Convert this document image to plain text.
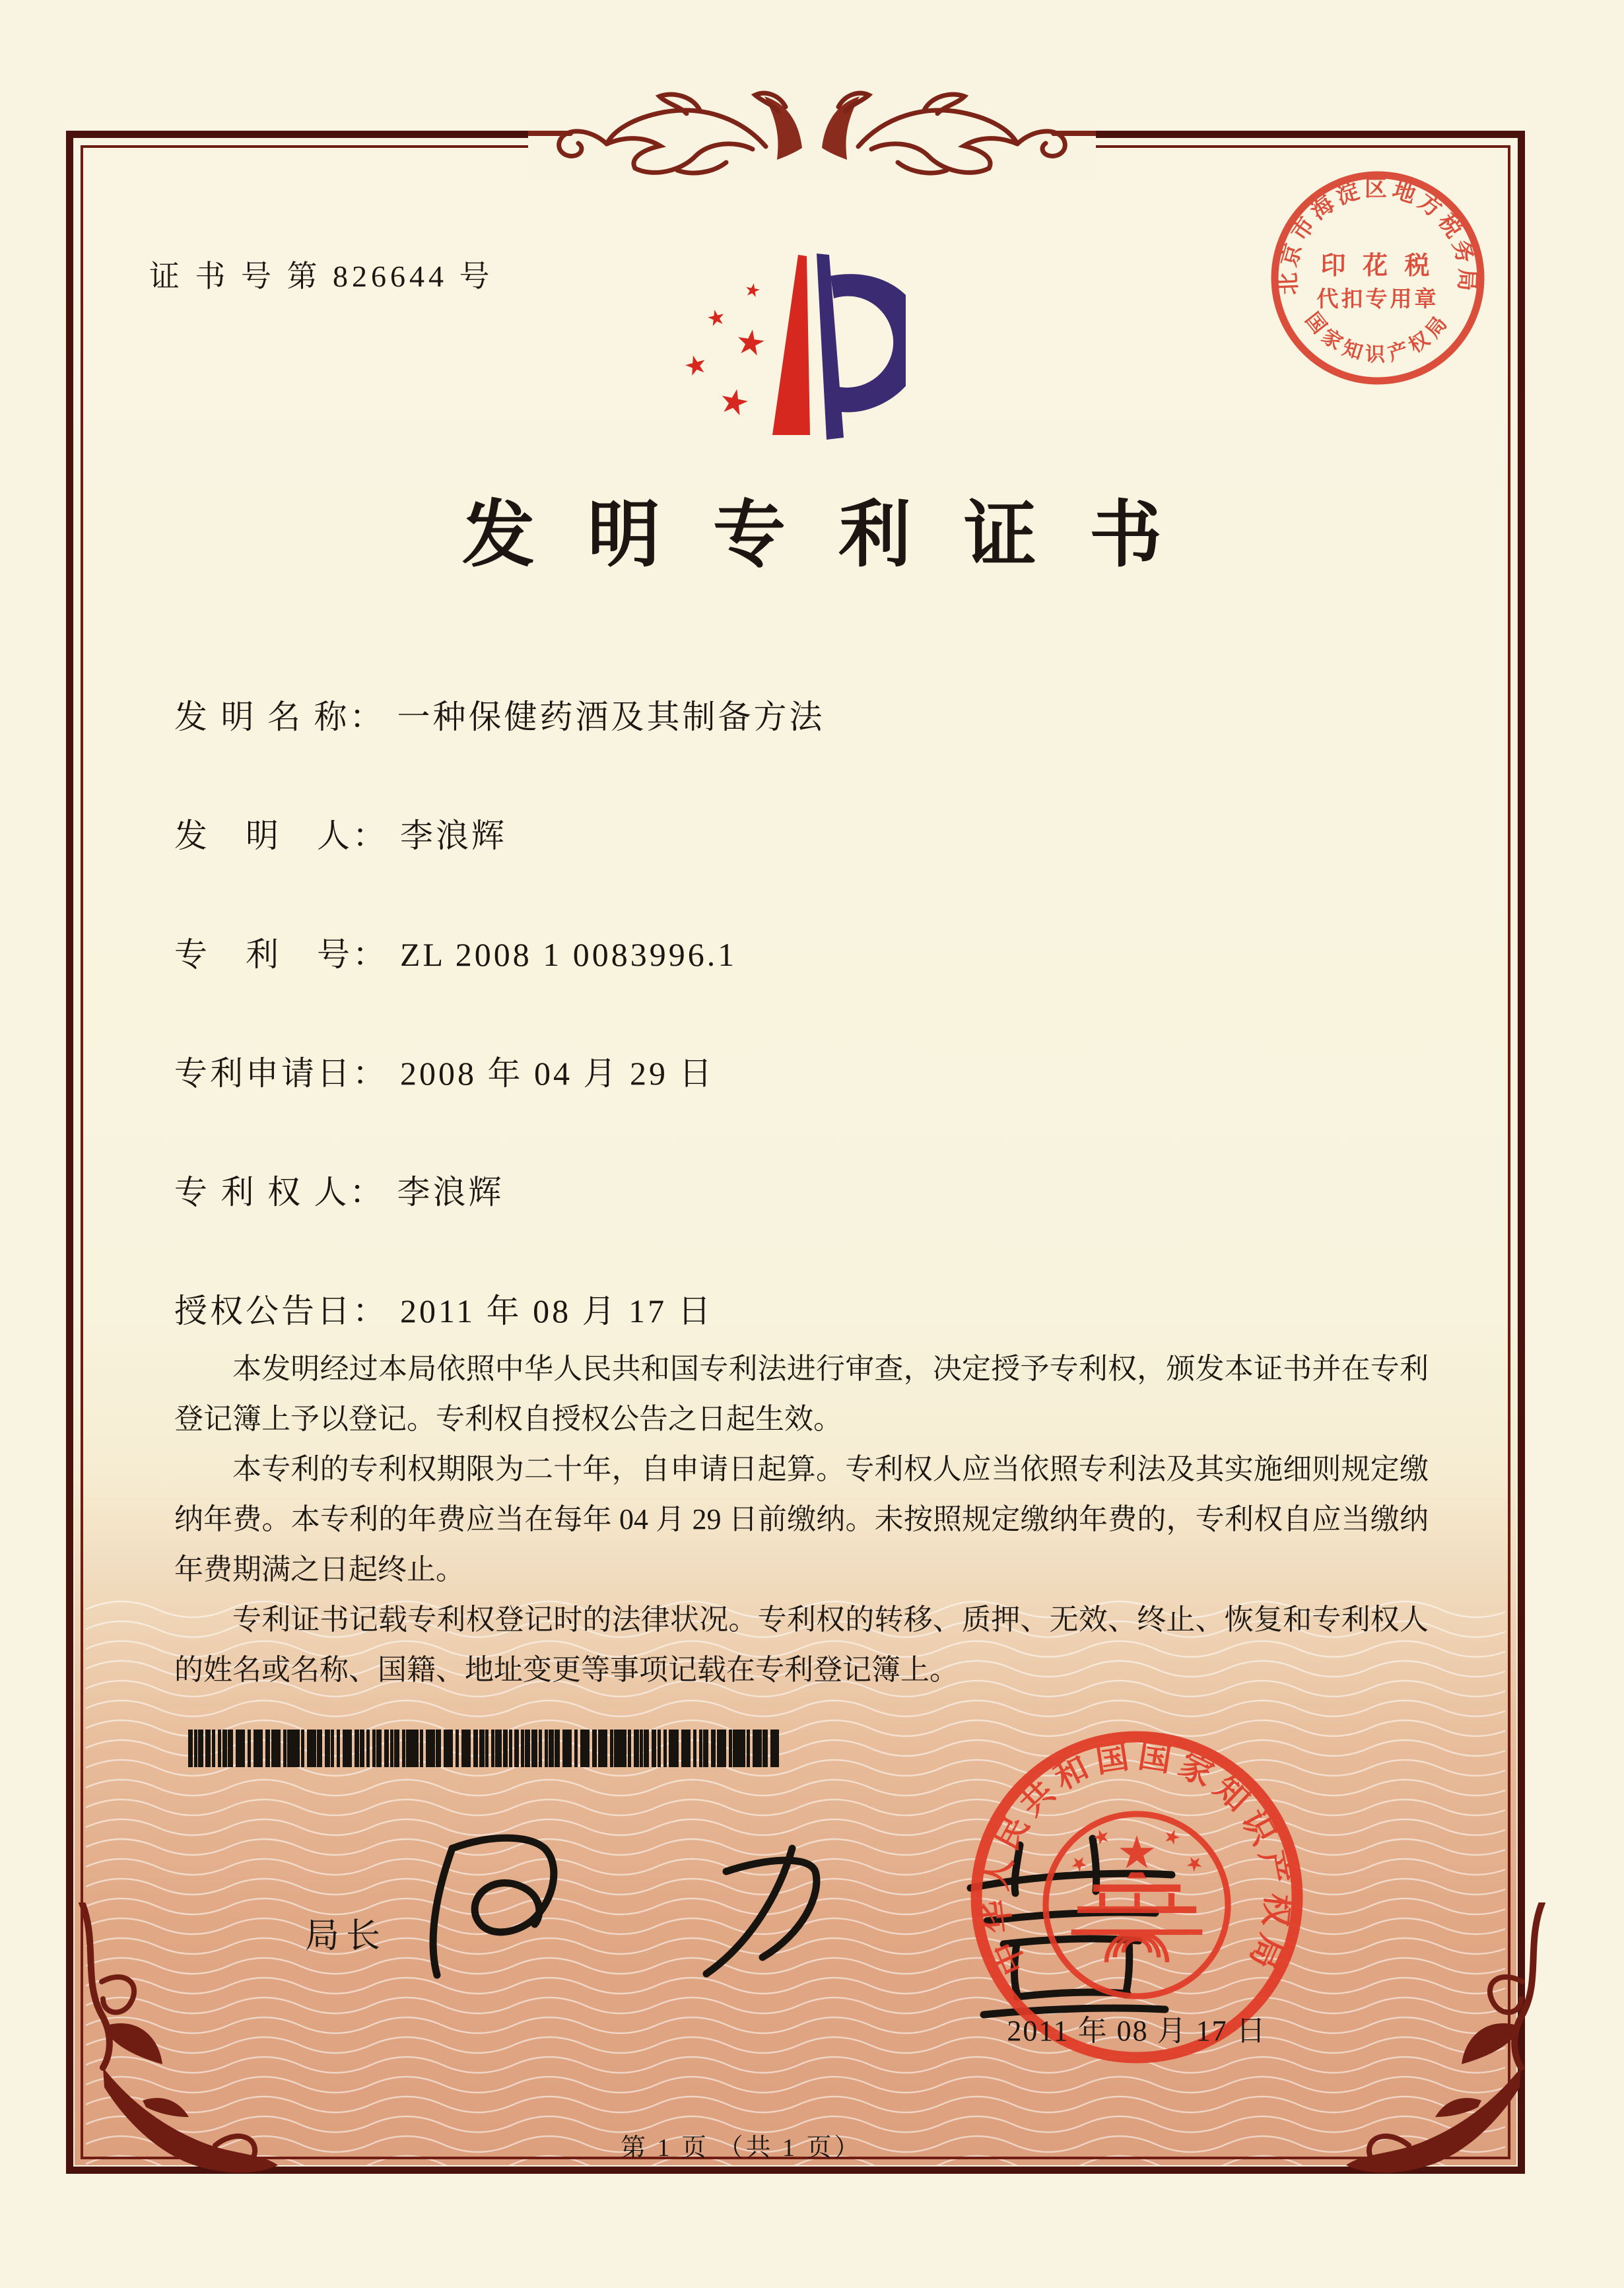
证 书 号 第 826644 号	北京市海淀区地方税务局
国家知识产权局
印 花 税
代扣专用章
发明专利证书
发 明 名 称： 一种保健药酒及其制备方法
发　明　人： 李浪辉
专　利　号： ZL 2008 1 0083996.1
专利申请日： 2008 年 04 月 29 日
专 利 权 人： 李浪辉
授权公告日： 2011 年 08 月 17 日

本发明经过本局依照中华人民共和国专利法进行审查，决定授予专利权，颁发本证书并在专利登记簿上予以登记。专利权自授权公告之日起生效。

本专利的专利权期限为二十年，自申请日起算。专利权人应当依照专利法及其实施细则规定缴纳年费。本专利的年费应当在每年 04 月 29 日前缴纳。未按照规定缴纳年费的，专利权自应当缴纳年费期满之日起终止。

专利证书记载专利权登记时的法律状况。专利权的转移、质押、无效、终止、恢复和专利权人的姓名或名称、国籍、地址变更等事项记载在专利登记簿上。

局长	中华人民共和国国家知识产权局
2011 年 08 月 17 日
第 1 页 （共 1 页）
